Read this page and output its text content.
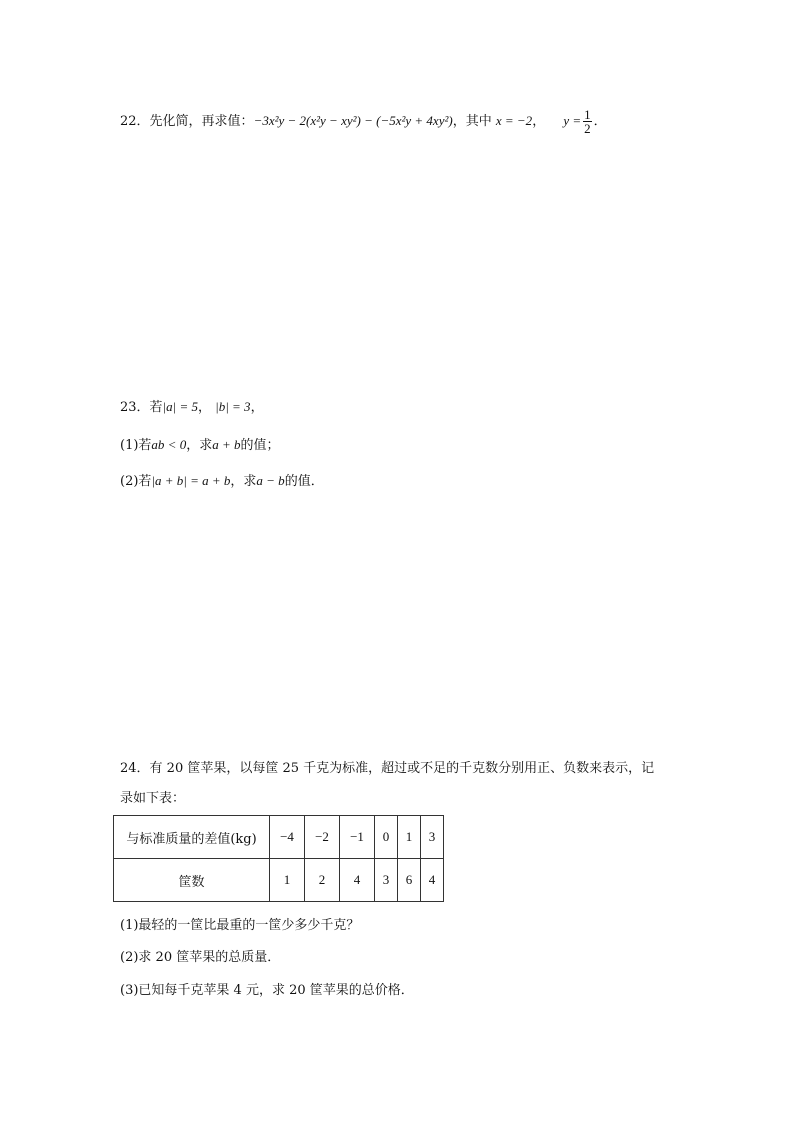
22．先化简，再求值：−3x²y − 2(x²y − xy²) − (−5x²y + 4xy²)，其中 x = −2， $y = \frac{1}{2}$ ．
23．若|a| = 5， |b| = 3，
(1)若ab < 0，求a + b的值；
(2)若|a + b| = a + b，求a − b的值．
24．有 20 筐苹果，以每筐 25 千克为标准，超过或不足的千克数分别用正、负数来表示，记
录如下表：
与标准质量的差值(kg)	−4	−2	−1	0	1	3
筐数	1	2	4	3	6	4
(1)最轻的一筐比最重的一筐少多少千克？
(2)求 20 筐苹果的总质量．
(3)已知每千克苹果 4 元，求 20 筐苹果的总价格．
